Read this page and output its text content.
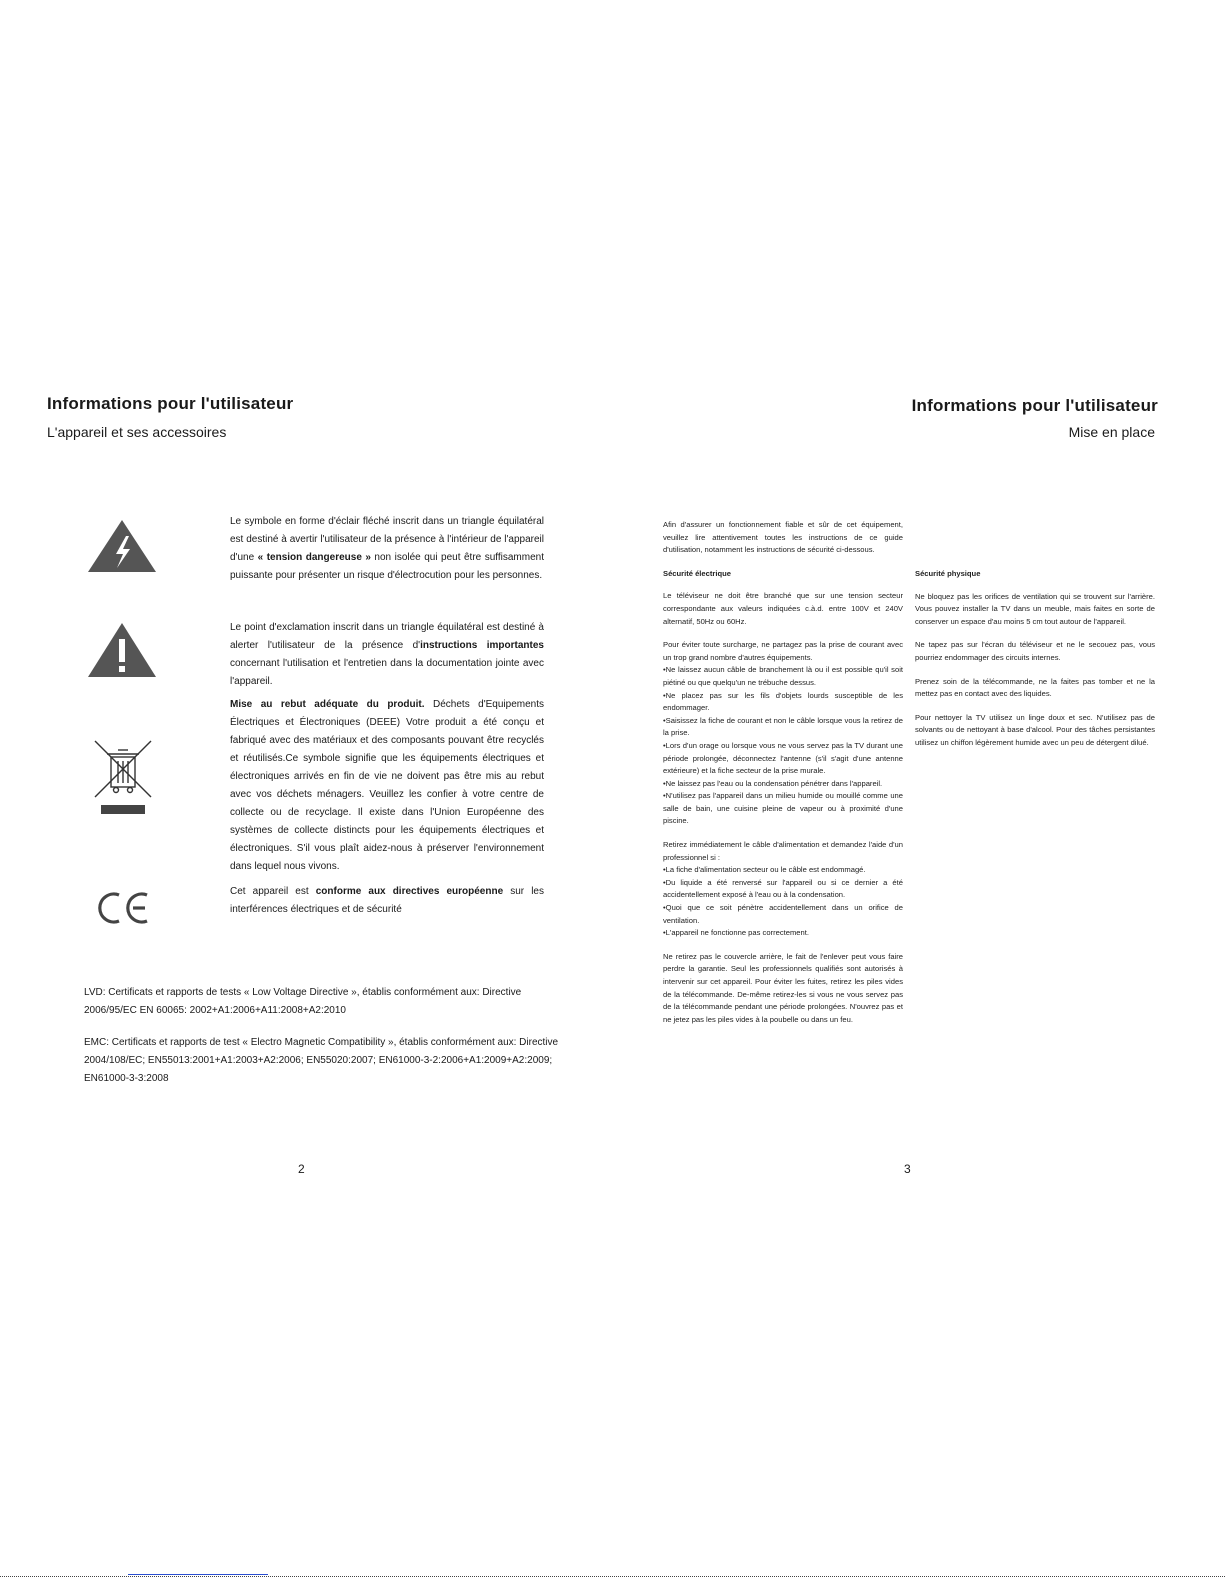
Informations pour l'utilisateur
L'appareil et ses accessoires
Le symbole en forme d'éclair fléché inscrit dans un triangle équilatéral est destiné à avertir l'utilisateur de la présence à l'intérieur de l'appareil d'une « tension dangereuse » non isolée qui peut être suffisamment puissante pour présenter un risque d'électrocution pour les personnes.
Le point d'exclamation inscrit dans un triangle équilatéral est destiné à alerter l'utilisateur de la présence d'instructions importantes concernant l'utilisation et l'entretien dans la documentation jointe avec l'appareil.
Mise au rebut adéquate du produit. Déchets d'Equipements Électriques et Électroniques (DEEE) Votre produit a été conçu et fabriqué avec des matériaux et des composants pouvant être recyclés et réutilisés.Ce symbole signifie que les équipements électriques et électroniques arrivés en fin de vie ne doivent pas être mis au rebut avec vos déchets ménagers. Veuillez les confier à votre centre de collecte ou de recyclage. Il existe dans l'Union Européenne des systèmes de collecte distincts pour les équipements électriques et électroniques. S'il vous plaît aidez-nous à préserver l'environnement dans lequel nous vivons.
Cet appareil est conforme aux directives européenne sur les interférences électriques et de sécurité
LVD: Certificats et rapports de tests « Low Voltage Directive », établis conformément aux: Directive 2006/95/EC EN 60065: 2002+A1:2006+A11:2008+A2:2010
EMC: Certificats et rapports de test « Electro Magnetic Compatibility », établis conformément aux: Directive 2004/108/EC; EN55013:2001+A1:2003+A2:2006; EN55020:2007; EN61000-3-2:2006+A1:2009+A2:2009; EN61000-3-3:2008
2
Informations pour l'utilisateur
Mise en place

Afin d'assurer un fonctionnement fiable et sûr de cet équipement, veuillez lire attentivement toutes les instructions de ce guide d'utilisation, notamment les instructions de sécurité ci-dessous.

Sécurité électrique

Le téléviseur ne doit être branché que sur une tension secteur correspondante aux valeurs indiquées c.à.d. entre 100V et 240V alternatif, 50Hz ou 60Hz.

Pour éviter toute surcharge, ne partagez pas la prise de courant avec un trop grand nombre d'autres équipements.
•Ne laissez aucun câble de branchement là ou il est possible qu'il soit piétiné ou que quelqu'un ne trébuche dessus.
•Ne placez pas sur les fils d'objets lourds susceptible de les endommager.
•Saisissez la fiche de courant et non le câble lorsque vous la retirez de la prise.
•Lors d'un orage ou lorsque vous ne vous servez pas la TV durant une période prolongée, déconnectez l'antenne (s'il s'agit d'une antenne extérieure) et la fiche secteur de la prise murale.
•Ne laissez pas l'eau ou la condensation pénétrer dans l'appareil.
•N'utilisez pas l'appareil dans un milieu humide ou mouillé comme une salle de bain, une cuisine pleine de vapeur ou à proximité d'une piscine.

Retirez immédiatement le câble d'alimentation et demandez l'aide d'un professionnel si :
•La fiche d'alimentation secteur ou le câble est endommagé.
•Du liquide a été renversé sur l'appareil ou si ce dernier a été accidentellement exposé à l'eau ou à la condensation.
•Quoi que ce soit pénètre accidentellement dans un orifice de ventilation.
•L'appareil ne fonctionne pas correctement.

Ne retirez pas le couvercle arrière, le fait de l'enlever peut vous faire perdre la garantie. Seul les professionnels qualifiés sont autorisés à intervenir sur cet appareil. Pour éviter les fuites, retirez les piles vides de la télécommande. De-même retirez-les si vous ne vous servez pas de la télécommande pendant une période prolongées. N'ouvrez pas et ne jetez pas les piles vides à la poubelle ou dans un feu.

Sécurité physique

Ne bloquez pas les orifices de ventilation qui se trouvent sur l'arrière. Vous pouvez installer la TV dans un meuble, mais faites en sorte de conserver un espace d'au moins 5 cm tout autour de l'appareil.

Ne tapez pas sur l'écran du téléviseur et ne le secouez pas, vous pourriez endommager des circuits internes.

Prenez soin de la télécommande, ne la faites pas tomber et ne la mettez pas en contact avec des liquides.

Pour nettoyer la TV utilisez un linge doux et sec. N'utilisez pas de solvants ou de nettoyant à base d'alcool. Pour des tâches persistantes utilisez un chiffon légèrement humide avec un peu de détergent dilué.

3
